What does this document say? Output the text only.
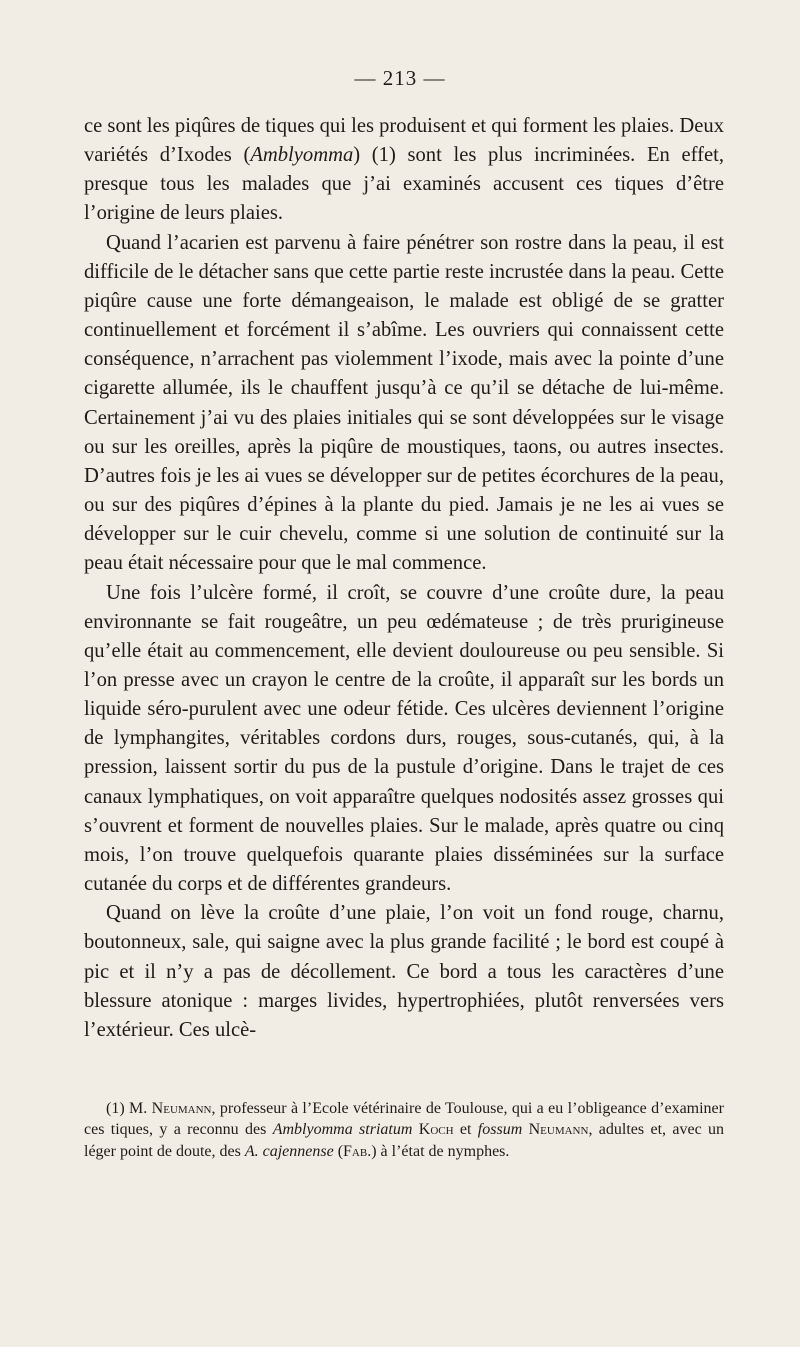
— 213 —

ce sont les piqûres de tiques qui les produisent et qui forment les plaies. Deux variétés d’Ixodes (Amblyomma) (1) sont les plus incriminées. En effet, presque tous les malades que j’ai examinés accusent ces tiques d’être l’origine de leurs plaies.

Quand l’acarien est parvenu à faire pénétrer son rostre dans la peau, il est difficile de le détacher sans que cette partie reste incrustée dans la peau. Cette piqûre cause une forte démangeaison, le malade est obligé de se gratter continuellement et forcément il s’abîme. Les ouvriers qui connaissent cette conséquence, n’arrachent pas violemment l’ixode, mais avec la pointe d’une cigarette allumée, ils le chauffent jusqu’à ce qu’il se détache de lui-même. Certainement j’ai vu des plaies initiales qui se sont développées sur le visage ou sur les oreilles, après la piqûre de moustiques, taons, ou autres insectes. D’autres fois je les ai vues se développer sur de petites écorchures de la peau, ou sur des piqûres d’épines à la plante du pied. Jamais je ne les ai vues se développer sur le cuir chevelu, comme si une solution de continuité sur la peau était nécessaire pour que le mal commence.

Une fois l’ulcère formé, il croît, se couvre d’une croûte dure, la peau environnante se fait rougeâtre, un peu œdémateuse ; de très prurigineuse qu’elle était au commencement, elle devient douloureuse ou peu sensible. Si l’on presse avec un crayon le centre de la croûte, il apparaît sur les bords un liquide séro-purulent avec une odeur fétide. Ces ulcères deviennent l’origine de lymphangites, véritables cordons durs, rouges, sous-cutanés, qui, à la pression, laissent sortir du pus de la pustule d’origine. Dans le trajet de ces canaux lymphatiques, on voit apparaître quelques nodosités assez grosses qui s’ouvrent et forment de nouvelles plaies. Sur le malade, après quatre ou cinq mois, l’on trouve quelquefois quarante plaies disséminées sur la surface cutanée du corps et de différentes grandeurs.

Quand on lève la croûte d’une plaie, l’on voit un fond rouge, charnu, boutonneux, sale, qui saigne avec la plus grande facilité ; le bord est coupé à pic et il n’y a pas de décollement. Ce bord a tous les caractères d’une blessure atonique : marges livides, hypertrophiées, plutôt renversées vers l’extérieur. Ces ulcè-

(1) M. Neumann, professeur à l’Ecole vétérinaire de Toulouse, qui a eu l’obligeance d’examiner ces tiques, y a reconnu des Amblyomma striatum Koch et fossum Neumann, adultes et, avec un léger point de doute, des A. cajennense (Fab.) à l’état de nymphes.
